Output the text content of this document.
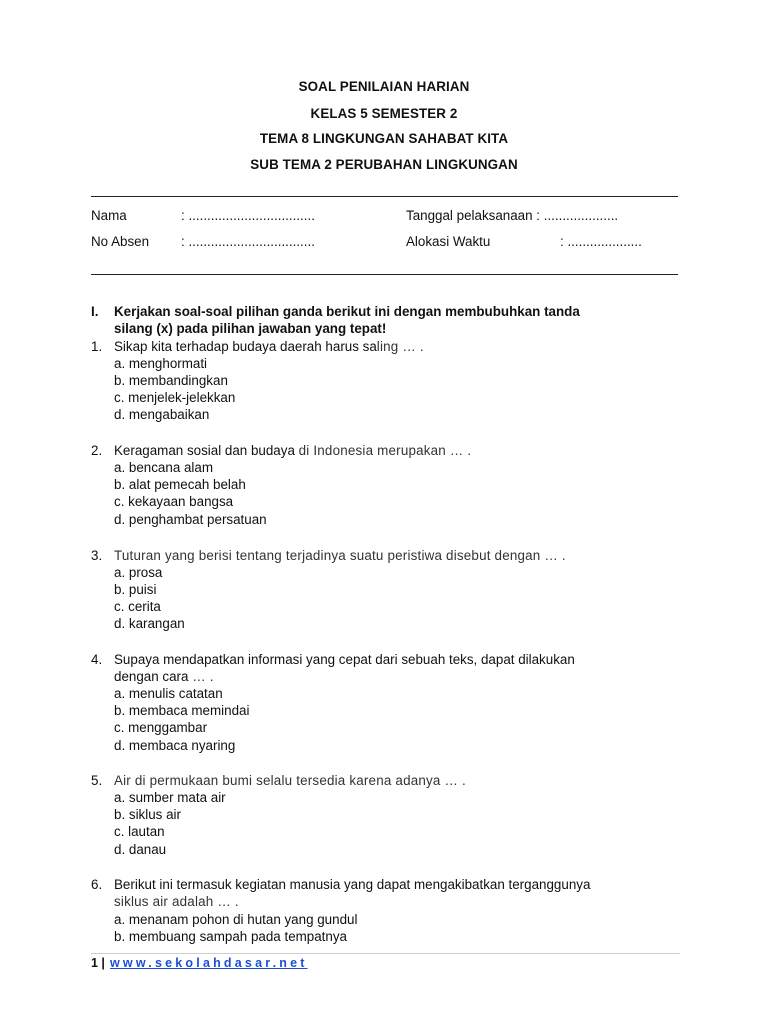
SOAL PENILAIAN HARIAN
KELAS 5 SEMESTER 2
TEMA 8 LINGKUNGAN SAHABAT KITA
SUB TEMA 2 PERUBAHAN LINGKUNGAN
Nama	: ..................................	Tanggal pelaksanaan : ....................
No Absen : ..................................	Alokasi Waktu	: ....................
I. Kerjakan soal-soal pilihan ganda berikut ini dengan membubuhkan tanda
silang (x) pada pilihan jawaban yang tepat!
1. Sikap kita terhadap budaya daerah harus saling … .
a. menghormati
b. membandingkan
c. menjelek-jelekkan
d. mengabaikan
2. Keragaman sosial dan budaya di Indonesia merupakan … .
a. bencana alam
b. alat pemecah belah
c. kekayaan bangsa
d. penghambat persatuan
3. Tuturan yang berisi tentang terjadinya suatu peristiwa disebut dengan … .
a. prosa
b. puisi
c. cerita
d. karangan
4. Supaya mendapatkan informasi yang cepat dari sebuah teks, dapat dilakukan
dengan cara … .
a. menulis catatan
b. membaca memindai
c. menggambar
d. membaca nyaring
5. Air di permukaan bumi selalu tersedia karena adanya … .
a. sumber mata air
b. siklus air
c. lautan
d. danau
6. Berikut ini termasuk kegiatan manusia yang dapat mengakibatkan terganggunya
siklus air adalah … .
a. menanam pohon di hutan yang gundul
b. membuang sampah pada tempatnya
1 | www.sekolahdasar.net
